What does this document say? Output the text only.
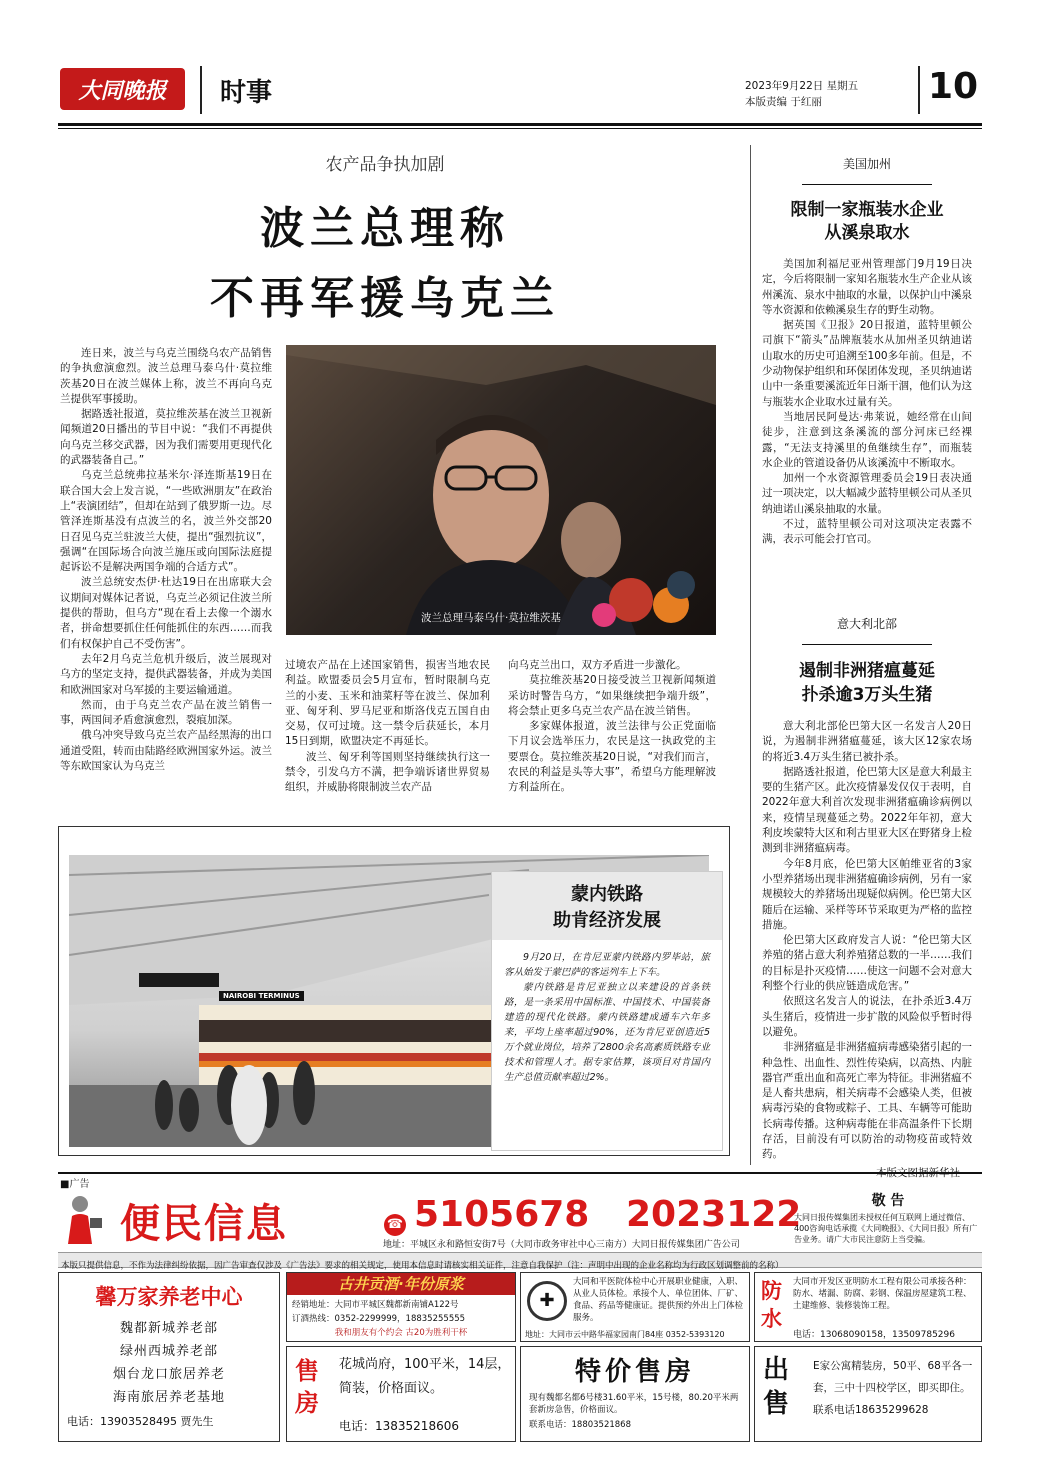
大同晚报 时事	2023年9月22日 星期五
本版责编 于红丽	10
农产品争执加剧
波兰总理称
不再军援乌克兰
波兰总理马泰乌什·莫拉维茨基

连日来，波兰与乌克兰围绕乌农产品销售的争执愈演愈烈。波兰总理马泰乌什·莫拉维茨基20日在波兰媒体上称，波兰不再向乌克兰提供军事援助。

据路透社报道，莫拉维茨基在波兰卫视新闻频道20日播出的节目中说：“我们不再提供向乌克兰移交武器，因为我们需要用更现代化的武器装备自己。”

乌克兰总统弗拉基米尔·泽连斯基19日在联合国大会上发言说，“一些欧洲朋友”在政治上“表演团结”，但却在站到了俄罗斯一边。尽管泽连斯基没有点波兰的名，波兰外交部20日召见乌克兰驻波兰大使，提出“强烈抗议”，强调“在国际场合向波兰施压或向国际法庭提起诉讼不是解决两国争端的合适方式”。

波兰总统安杰伊·杜达19日在出席联大会议期间对媒体记者说，乌克兰必须记住波兰所提供的帮助，但乌方“现在看上去像一个溺水者，拼命想要抓住任何能抓住的东西……而我们有权保护自己不受伤害”。

去年2月乌克兰危机升级后，波兰展现对乌方的坚定支持，提供武器装备，并成为美国和欧洲国家对乌军援的主要运输通道。

然而，由于乌克兰农产品在波兰销售一事，两国间矛盾愈演愈烈，裂痕加深。

俄乌冲突导致乌克兰农产品经黑海的出口通道受阻，转而由陆路经欧洲国家外运。波兰等东欧国家认为乌克兰

过境农产品在上述国家销售，损害当地农民利益。欧盟委员会5月宣布，暂时限制乌克兰的小麦、玉米和油菜籽等在波兰、保加利亚、匈牙利、罗马尼亚和斯洛伐克五国自由交易，仅可过境。这一禁令后获延长，本月15日到期，欧盟决定不再延长。

波兰、匈牙利等国则坚持继续执行这一禁令，引发乌方不满，把争端诉诸世界贸易组织，并威胁将限制波兰农产品

向乌克兰出口，双方矛盾进一步激化。

莫拉维茨基20日接受波兰卫视新闻频道采访时警告乌方，“如果继续把争端升级”，将会禁止更多乌克兰农产品在波兰销售。

多家媒体报道，波兰法律与公正党面临下月议会选举压力，农民是这一执政党的主要票仓。莫拉维茨基20日说，“对我们而言，农民的利益是头等大事”，希望乌方能理解波方利益所在。

NAIROBI TERMINUS
蒙内铁路
助肯经济发展

9月20日，在肯尼亚蒙内铁路内罗毕站，旅客从始发于蒙巴萨的客运列车上下车。

蒙内铁路是肯尼亚独立以来建设的首条铁路，是一条采用中国标准、中国技术、中国装备建造的现代化铁路。蒙内铁路建成通车六年多来，平均上座率超过90%，还为肯尼亚创造近5万个就业岗位，培养了2800余名高素质铁路专业技术和管理人才。据专家估算，该项目对肯国内生产总值贡献率超过2%。

美国加州
限制一家瓶装水企业
从溪泉取水

美国加利福尼亚州管理部门9月19日决定，今后将限制一家知名瓶装水生产企业从该州溪流、泉水中抽取的水量，以保护山中溪泉等水资源和依赖溪泉生存的野生动物。

据英国《卫报》20日报道，蓝特里顿公司旗下“箭头”品牌瓶装水从加州圣贝纳迪诺山取水的历史可追溯至100多年前。但是，不少动物保护组织和环保团体发现，圣贝纳迪诺山中一条重要溪流近年日渐干涸，他们认为这与瓶装水企业取水过量有关。

当地居民阿曼达·弗莱说，她经常在山间徒步，注意到这条溪流的部分河床已经裸露，“无法支持溪里的鱼继续生存”，而瓶装水企业的管道设备仍从该溪流中不断取水。

加州一个水资源管理委员会19日表决通过一项决定，以大幅减少蓝特里顿公司从圣贝纳迪诺山溪泉抽取的水量。

不过，蓝特里顿公司对这项决定表露不满，表示可能会打官司。

意大利北部
遏制非洲猪瘟蔓延
扑杀逾3万头生猪

意大利北部伦巴第大区一名发言人20日说，为遏制非洲猪瘟蔓延，该大区12家农场的将近3.4万头生猪已被扑杀。

据路透社报道，伦巴第大区是意大利最主要的生猪产区。此次疫情暴发仅仅于表明，自2022年意大利首次发现非洲猪瘟确诊病例以来，疫情呈现蔓延之势。2022年年初，意大利皮埃蒙特大区和利古里亚大区在野猪身上检测到非洲猪瘟病毒。

今年8月底，伦巴第大区帕维亚省的3家小型养猪场出现非洲猪瘟确诊病例，另有一家规模较大的养猪场出现疑似病例。伦巴第大区随后在运输、采样等环节采取更为严格的监控措施。

伦巴第大区政府发言人说：“伦巴第大区养殖的猪占意大利养殖猪总数的一半……我们的目标是扑灭疫情……使这一问题不会对意大利整个行业的供应链造成危害。”

依照这名发言人的说法，在扑杀近3.4万头生猪后，疫情进一步扩散的风险似乎暂时得以避免。

非洲猪瘟是非洲猪瘟病毒感染猪引起的一种急性、出血性、烈性传染病，以高热、内脏器官严重出血和高死亡率为特征。非洲猪瘟不是人畜共患病，相关病毒不会感染人类，但被病毒污染的食物或粽子、工具、车辆等可能助长病毒传播。这种病毒能在非高温条件下长期存活，目前没有可以防治的动物疫苗或特效药。

■广告
便民信息	☎ 5105678 2023122
地址：平城区永和路恒安街7号（大同市政务审社中心三南方）大同日报传媒集团广告公司
敬 告
大同日报传媒集团未授权任何互联网上通过微信、400咨询电话承揽《大同晚报》、《大同日报》所有广告业务。请广大市民注意防上当受骗。
本版只提供信息，不作为法律纠纷依据，因广告审查仅涉及《广告法》要求的相关规定，使用本信息时请核实相关证件，注意自我保护（注：声明中出现的企业名称均为行政区划调整前的名称）
馨万家养老中心
魏都新城养老部
绿州西城养老部
烟台龙口旅居养老
海南旅居养老基地
电话：13903528495 贾先生
古井贡酒·年份原浆
经销地址：大同市平城区魏都新南铺A122号
订酒热线：0352-2299999，18835255555
我和朋友有个约会 古20为胜利干杯
✚
大同和平医院体检中心开展职业健康，入职、从业人员体检。承接个人、单位团体、厂矿、食品、药品等健康证。提供预约外出上门体检服务。
地址：大同市云中路华福家园南门84座 0352-5393120
防水
大同市开发区亚明防水工程有限公司承接各种：防水、堵漏、防腐、彩钢、保温房屋建筑工程、土建维修、装修装饰工程。
电话：13068090158，13509785296
售房
花城尚府，100平米，14层，简装，价格面议。
电话：13835218606
特价售房
现有魏都名都6号楼31.60平米，15号楼，80.20平米两套新房急售，价格面议。
联系电话：18803521868
出售
E家公寓精装房，50平、68平各一套，三中十四校学区，即买即住。联系电话18635299628
